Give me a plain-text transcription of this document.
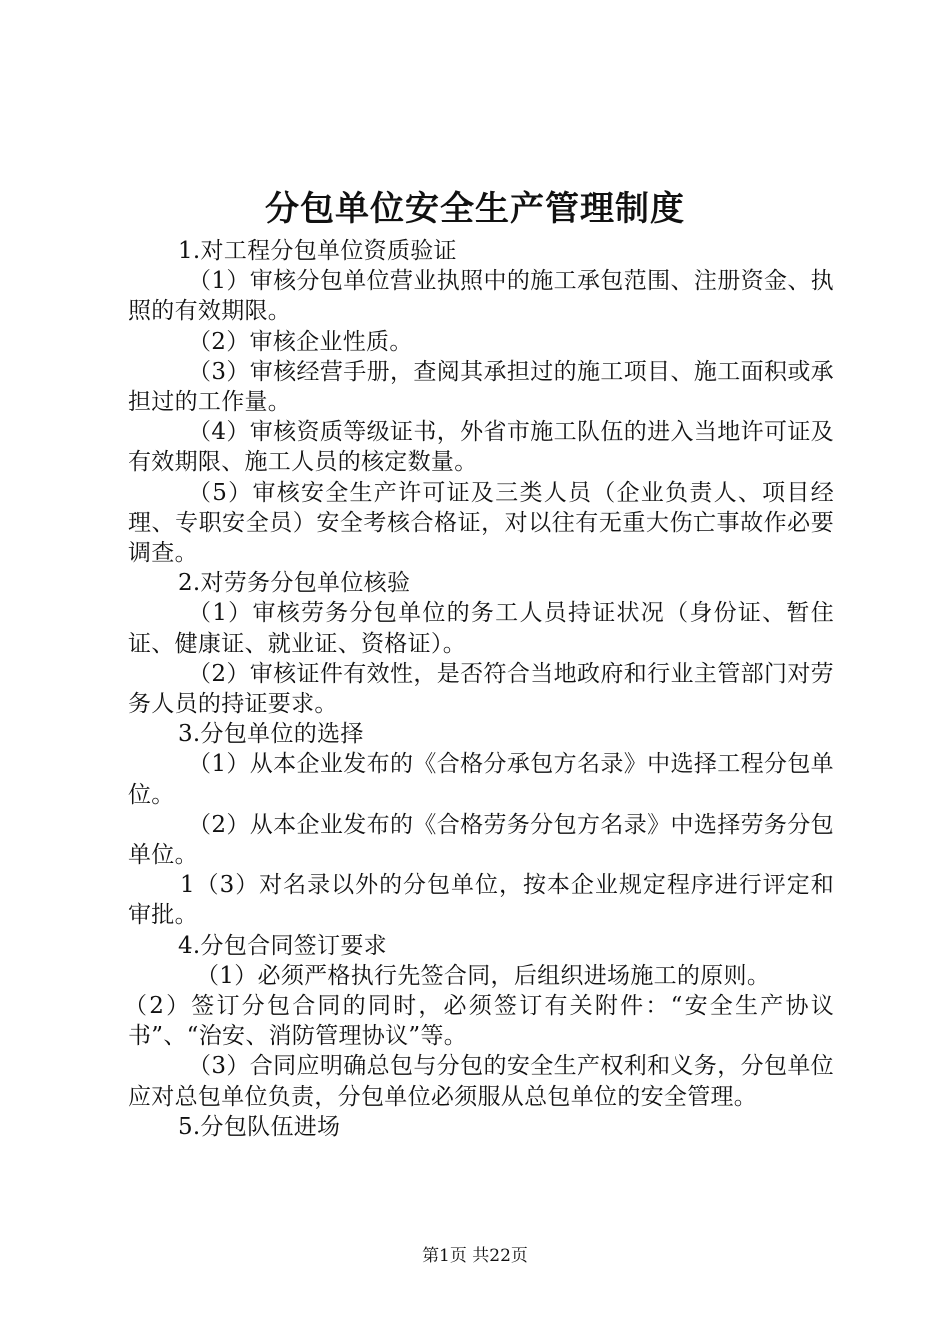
分包单位安全生产管理制度

1.对工程分包单位资质验证

（1）审核分包单位营业执照中的施工承包范围、注册资金、执照的有效期限。

（2）审核企业性质。

（3）审核经营手册，查阅其承担过的施工项目、施工面积或承担过的工作量。

（4）审核资质等级证书，外省市施工队伍的进入当地许可证及有效期限、施工人员的核定数量。

（5）审核安全生产许可证及三类人员（企业负责人、项目经理、专职安全员）安全考核合格证，对以往有无重大伤亡事故作必要调查。

2.对劳务分包单位核验

（1）审核劳务分包单位的务工人员持证状况（身份证、暂住证、健康证、就业证、资格证）。

（2）审核证件有效性，是否符合当地政府和行业主管部门对劳务人员的持证要求。

3.分包单位的选择

（1）从本企业发布的《合格分承包方名录》中选择工程分包单位。

（2）从本企业发布的《合格劳务分包方名录》中选择劳务分包单位。

1（3）对名录以外的分包单位，按本企业规定程序进行评定和审批。

4.分包合同签订要求

（1）必须严格执行先签合同，后组织进场施工的原则。

（2）签订分包合同的同时，必须签订有关附件：“安全生产协议书”、“治安、消防管理协议”等。

（3）合同应明确总包与分包的安全生产权利和义务，分包单位应对总包单位负责，分包单位必须服从总包单位的安全管理。

5.分包队伍进场

第1页 共22页
